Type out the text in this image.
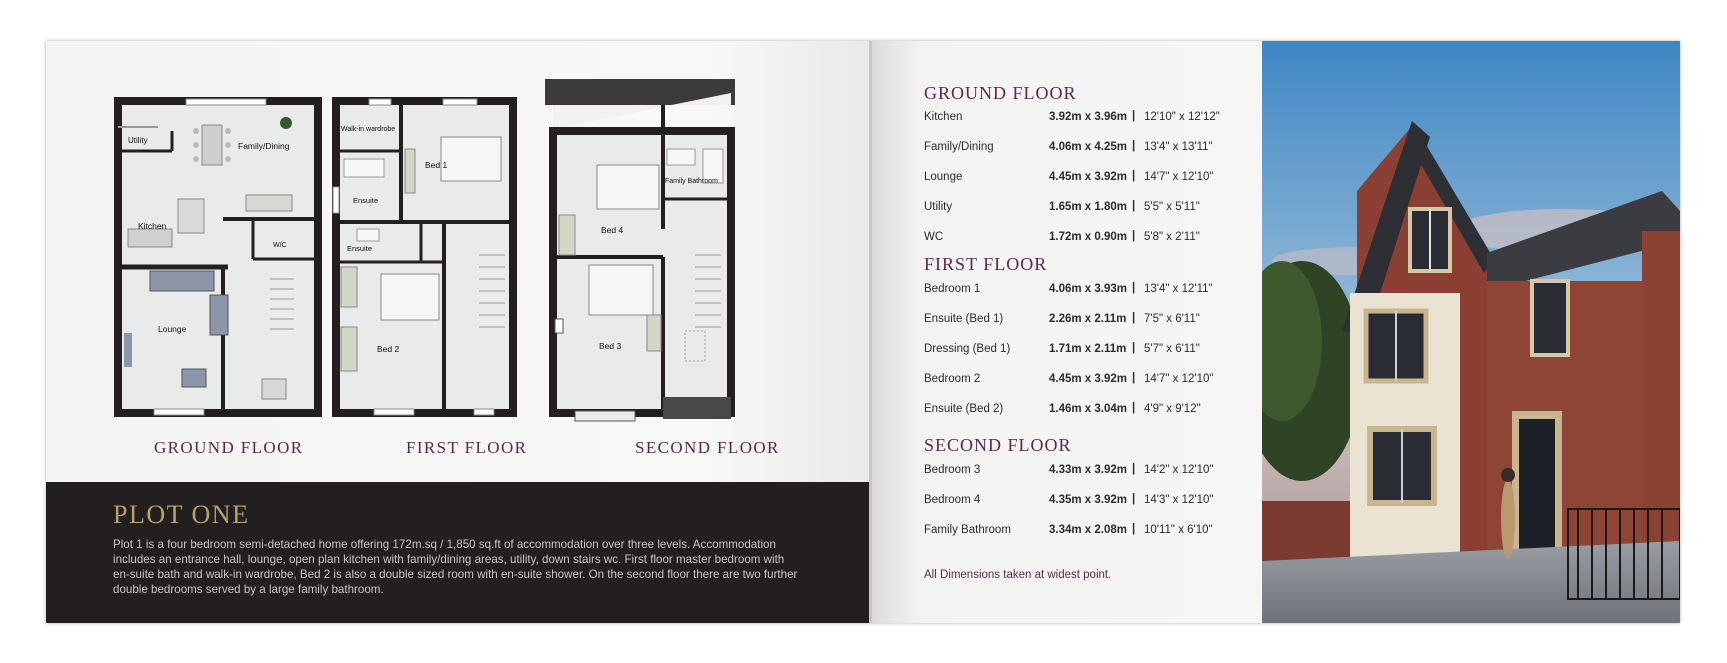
Utility
Family/Dining
Kitchen
W/C
Lounge
Walk-in wardrobe
Bed 1
Ensuite
Ensuite
Bed 2
Bed 4
Family Bathroom
Bed 3
GROUND FLOOR	FIRST FLOOR	SECOND FLOOR
PLOT ONE
Plot 1 is a four bedroom semi-detached home offering 172m.sq / 1,850 sq.ft of accommodation over three levels. Accommodation includes an entrance hall, lounge, open plan kitchen with family/dining areas, utility, down stairs wc. First floor master bedroom with en-suite bath and walk-in wardrobe, Bed 2 is also a double sized room with en-suite shower. On the second floor there are two further double bedrooms served by a large family bathroom.
GROUND FLOOR
Kitchen	3.92m x 3.96m | 12'10" x 12'12"
Family/Dining	4.06m x 4.25m | 13'4" x 13'11"
Lounge	4.45m x 3.92m | 14'7" x 12'10"
Utility	1.65m x 1.80m | 5'5" x 5'11"
WC	1.72m x 0.90m | 5'8" x 2'11"
FIRST FLOOR
Bedroom 1	4.06m x 3.93m | 13'4" x 12'11"
Ensuite (Bed 1)	2.26m x 2.11m | 7'5" x 6'11"
Dressing (Bed 1)	1.71m x 2.11m | 5'7" x 6'11"
Bedroom 2	4.45m x 3.92m | 14'7" x 12'10"
Ensuite (Bed 2)	1.46m x 3.04m | 4'9" x 9'12"
SECOND FLOOR
Bedroom 3	4.33m x 3.92m | 14'2" x 12'10"
Bedroom 4	4.35m x 3.92m | 14'3" x 12'10"
Family Bathroom	3.34m x 2.08m | 10'11" x 6'10"
All Dimensions taken at widest point.
